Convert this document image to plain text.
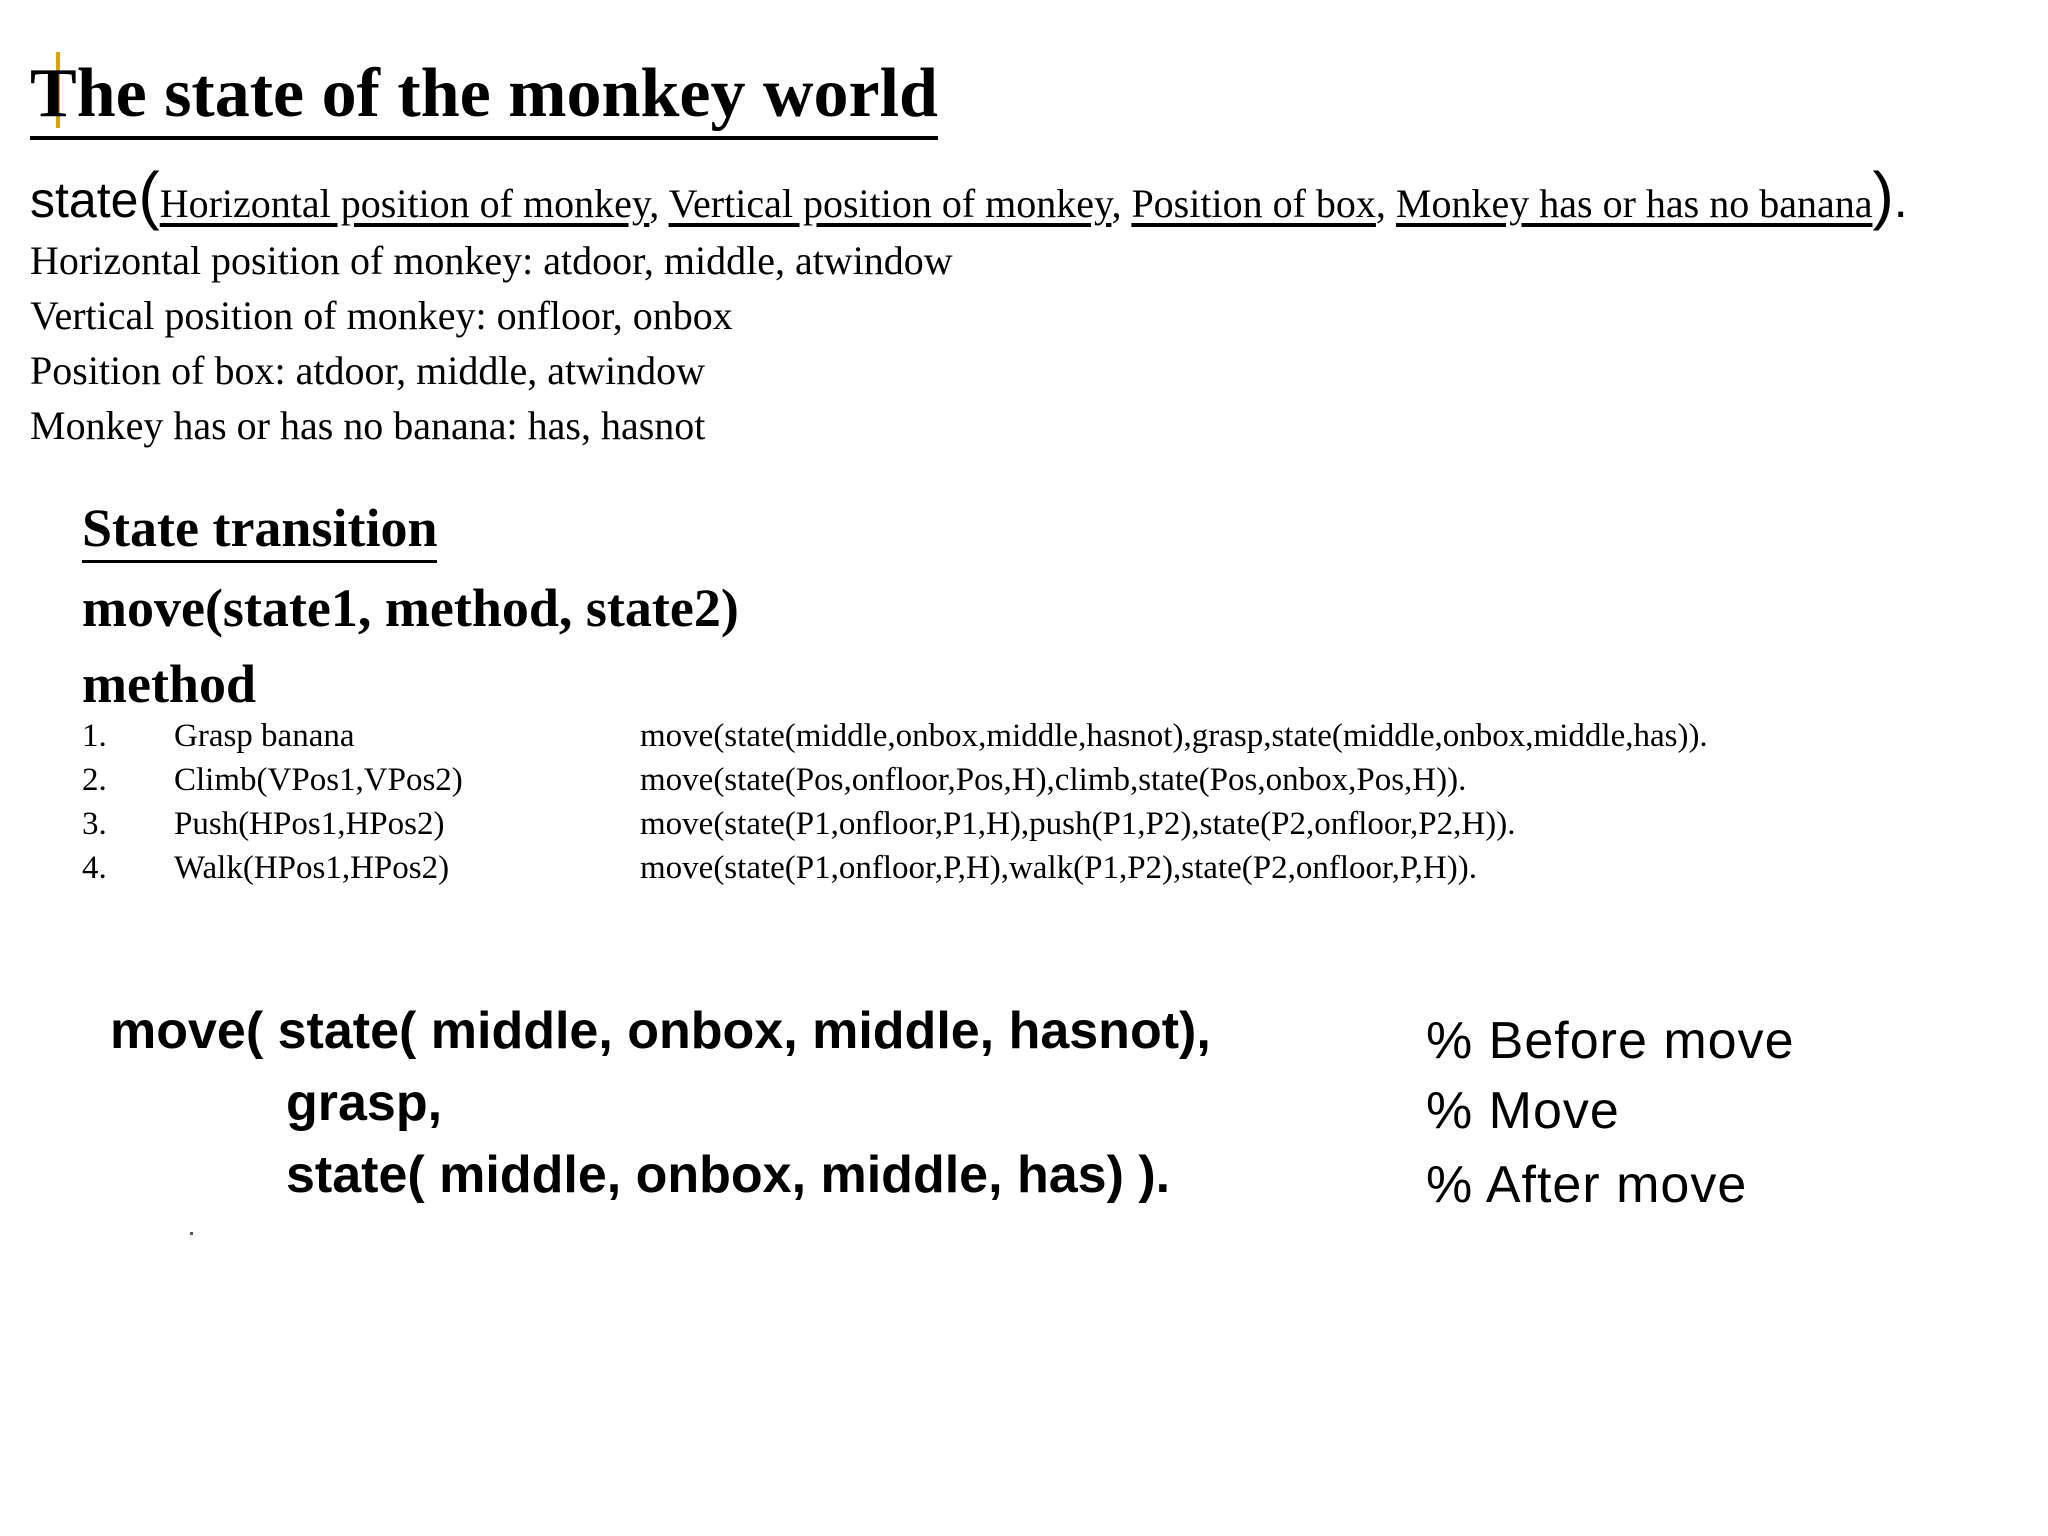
The state of the monkey world
state(Horizontal position of monkey, Vertical position of monkey, Position of box, Monkey has or has no banana).
Horizontal position of monkey: atdoor, middle, atwindow
Vertical position of monkey: onfloor, onbox
Position of box: atdoor, middle, atwindow
Monkey has or has no banana: has, hasnot
State transition
move(state1, method, state2)
method
1. Grasp banana	move(state(middle,onbox,middle,hasnot),grasp,state(middle,onbox,middle,has)).
2. Climb(VPos1,VPos2)	move(state(Pos,onfloor,Pos,H),climb,state(Pos,onbox,Pos,H)).
3. Push(HPos1,HPos2)	move(state(P1,onfloor,P1,H),push(P1,P2),state(P2,onfloor,P2,H)).
4. Walk(HPos1,HPos2)	move(state(P1,onfloor,P,H),walk(P1,P2),state(P2,onfloor,P,H)).
move( state( middle, onbox, middle, hasnot),
grasp,
state( middle, onbox, middle, has) ).
% Before move
% Move
% After move
